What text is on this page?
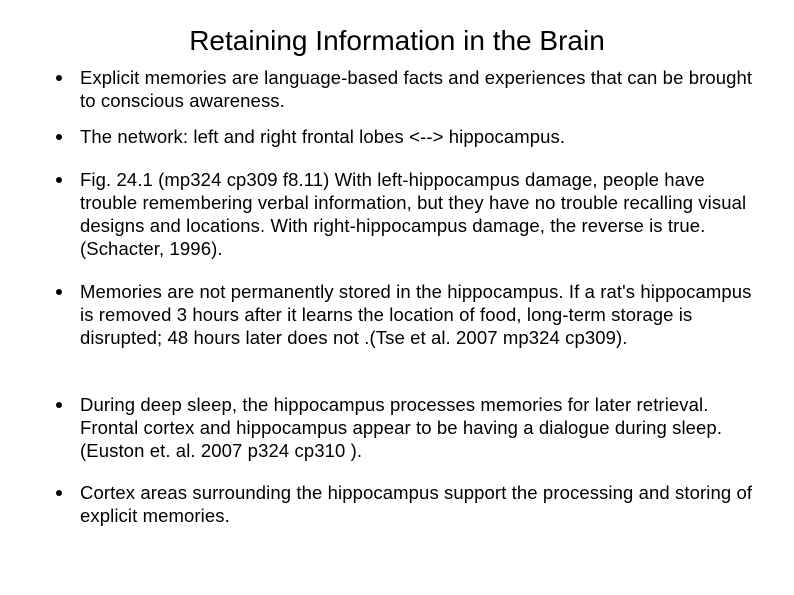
Retaining Information in the Brain
Explicit memories are language-based facts and experiences that can be brought to conscious awareness.
The network: left and right frontal lobes <--> hippocampus.
Fig. 24.1 (mp324 cp309 f8.11) With left-hippocampus damage, people have trouble remembering verbal information, but they have no trouble recalling visual designs and locations. With right-hippocampus damage, the reverse is true. (Schacter, 1996).
Memories are not permanently stored in the hippocampus. If a rat's hippocampus is removed 3 hours after it learns the location of food, long-term storage is disrupted; 48 hours later does not .(Tse et al. 2007 mp324 cp309).
During deep sleep, the hippocampus processes memories for later retrieval. Frontal cortex and hippocampus appear to be having a dialogue during sleep. (Euston et. al. 2007 p324 cp310 ).
Cortex areas surrounding the hippocampus support the processing and storing of explicit memories.
